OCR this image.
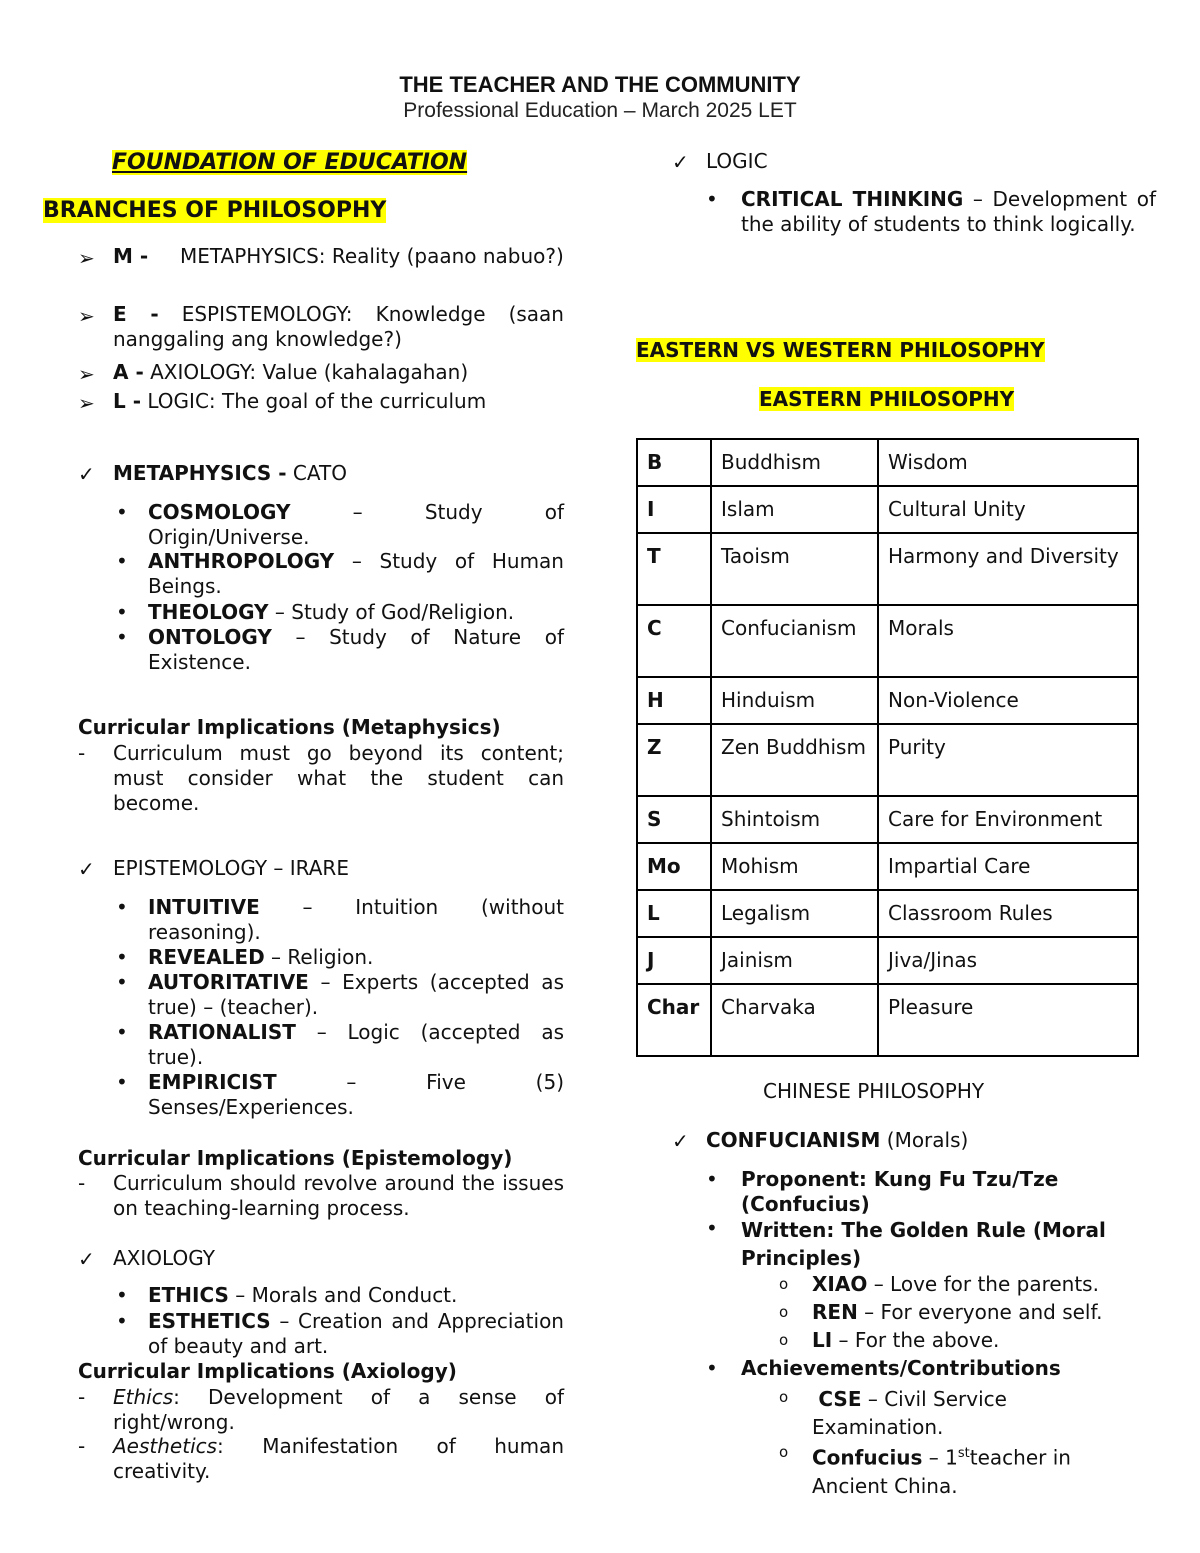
THE TEACHER AND THE COMMUNITY
Professional Education – March 2025 LET
FOUNDATION OF EDUCATION
BRANCHES OF PHILOSOPHY
➢ M - METAPHYSICS: Reality (paano nabuo?)
➢ E - ESPISTEMOLOGY: Knowledge (saan nanggaling ang knowledge?)
➢ A - AXIOLOGY: Value (kahalagahan)
➢ L - LOGIC: The goal of the curriculum
✓ METAPHYSICS - CATO
• COSMOLOGY – Study of Origin/Universe.
• ANTHROPOLOGY – Study of Human Beings.
• THEOLOGY – Study of God/Religion.
• ONTOLOGY – Study of Nature of Existence.
Curricular Implications (Metaphysics)
- Curriculum must go beyond its content; must consider what the student can become.
✓ EPISTEMOLOGY – IRARE
• INTUITIVE – Intuition (without reasoning).
• REVEALED – Religion.
• AUTORITATIVE – Experts (accepted as true) – (teacher).
• RATIONALIST – Logic (accepted as true).
• EMPIRICIST – Five (5) Senses/Experiences.
Curricular Implications (Epistemology)
- Curriculum should revolve around the issues on teaching-learning process.
✓ AXIOLOGY
• ETHICS – Morals and Conduct.
• ESTHETICS – Creation and Appreciation of beauty and art.
Curricular Implications (Axiology)
- Ethics: Development of a sense of right/wrong.
- Aesthetics: Manifestation of human creativity.
✓ LOGIC
• CRITICAL THINKING – Development of the ability of students to think logically.
EASTERN VS WESTERN PHILOSOPHY
EASTERN PHILOSOPHY
B	Buddhism	Wisdom
I	Islam	Cultural Unity
T	Taoism	Harmony and Diversity
C	Confucianism	Morals
H	Hinduism	Non-Violence
Z	Zen Buddhism	Purity
S	Shintoism	Care for Environment
Mo	Mohism	Impartial Care
L	Legalism	Classroom Rules
J	Jainism	Jiva/Jinas
Char	Charvaka	Pleasure
CHINESE PHILOSOPHY
✓ CONFUCIANISM (Morals)
• Proponent: Kung Fu Tzu/Tze (Confucius)
• Written: The Golden Rule (Moral Principles)
o XIAO – Love for the parents.
o REN – For everyone and self.
o LI – For the above.
• Achievements/Contributions
o	CSE – Civil Service Examination.
o Confucius – 1stteacher in Ancient China.
